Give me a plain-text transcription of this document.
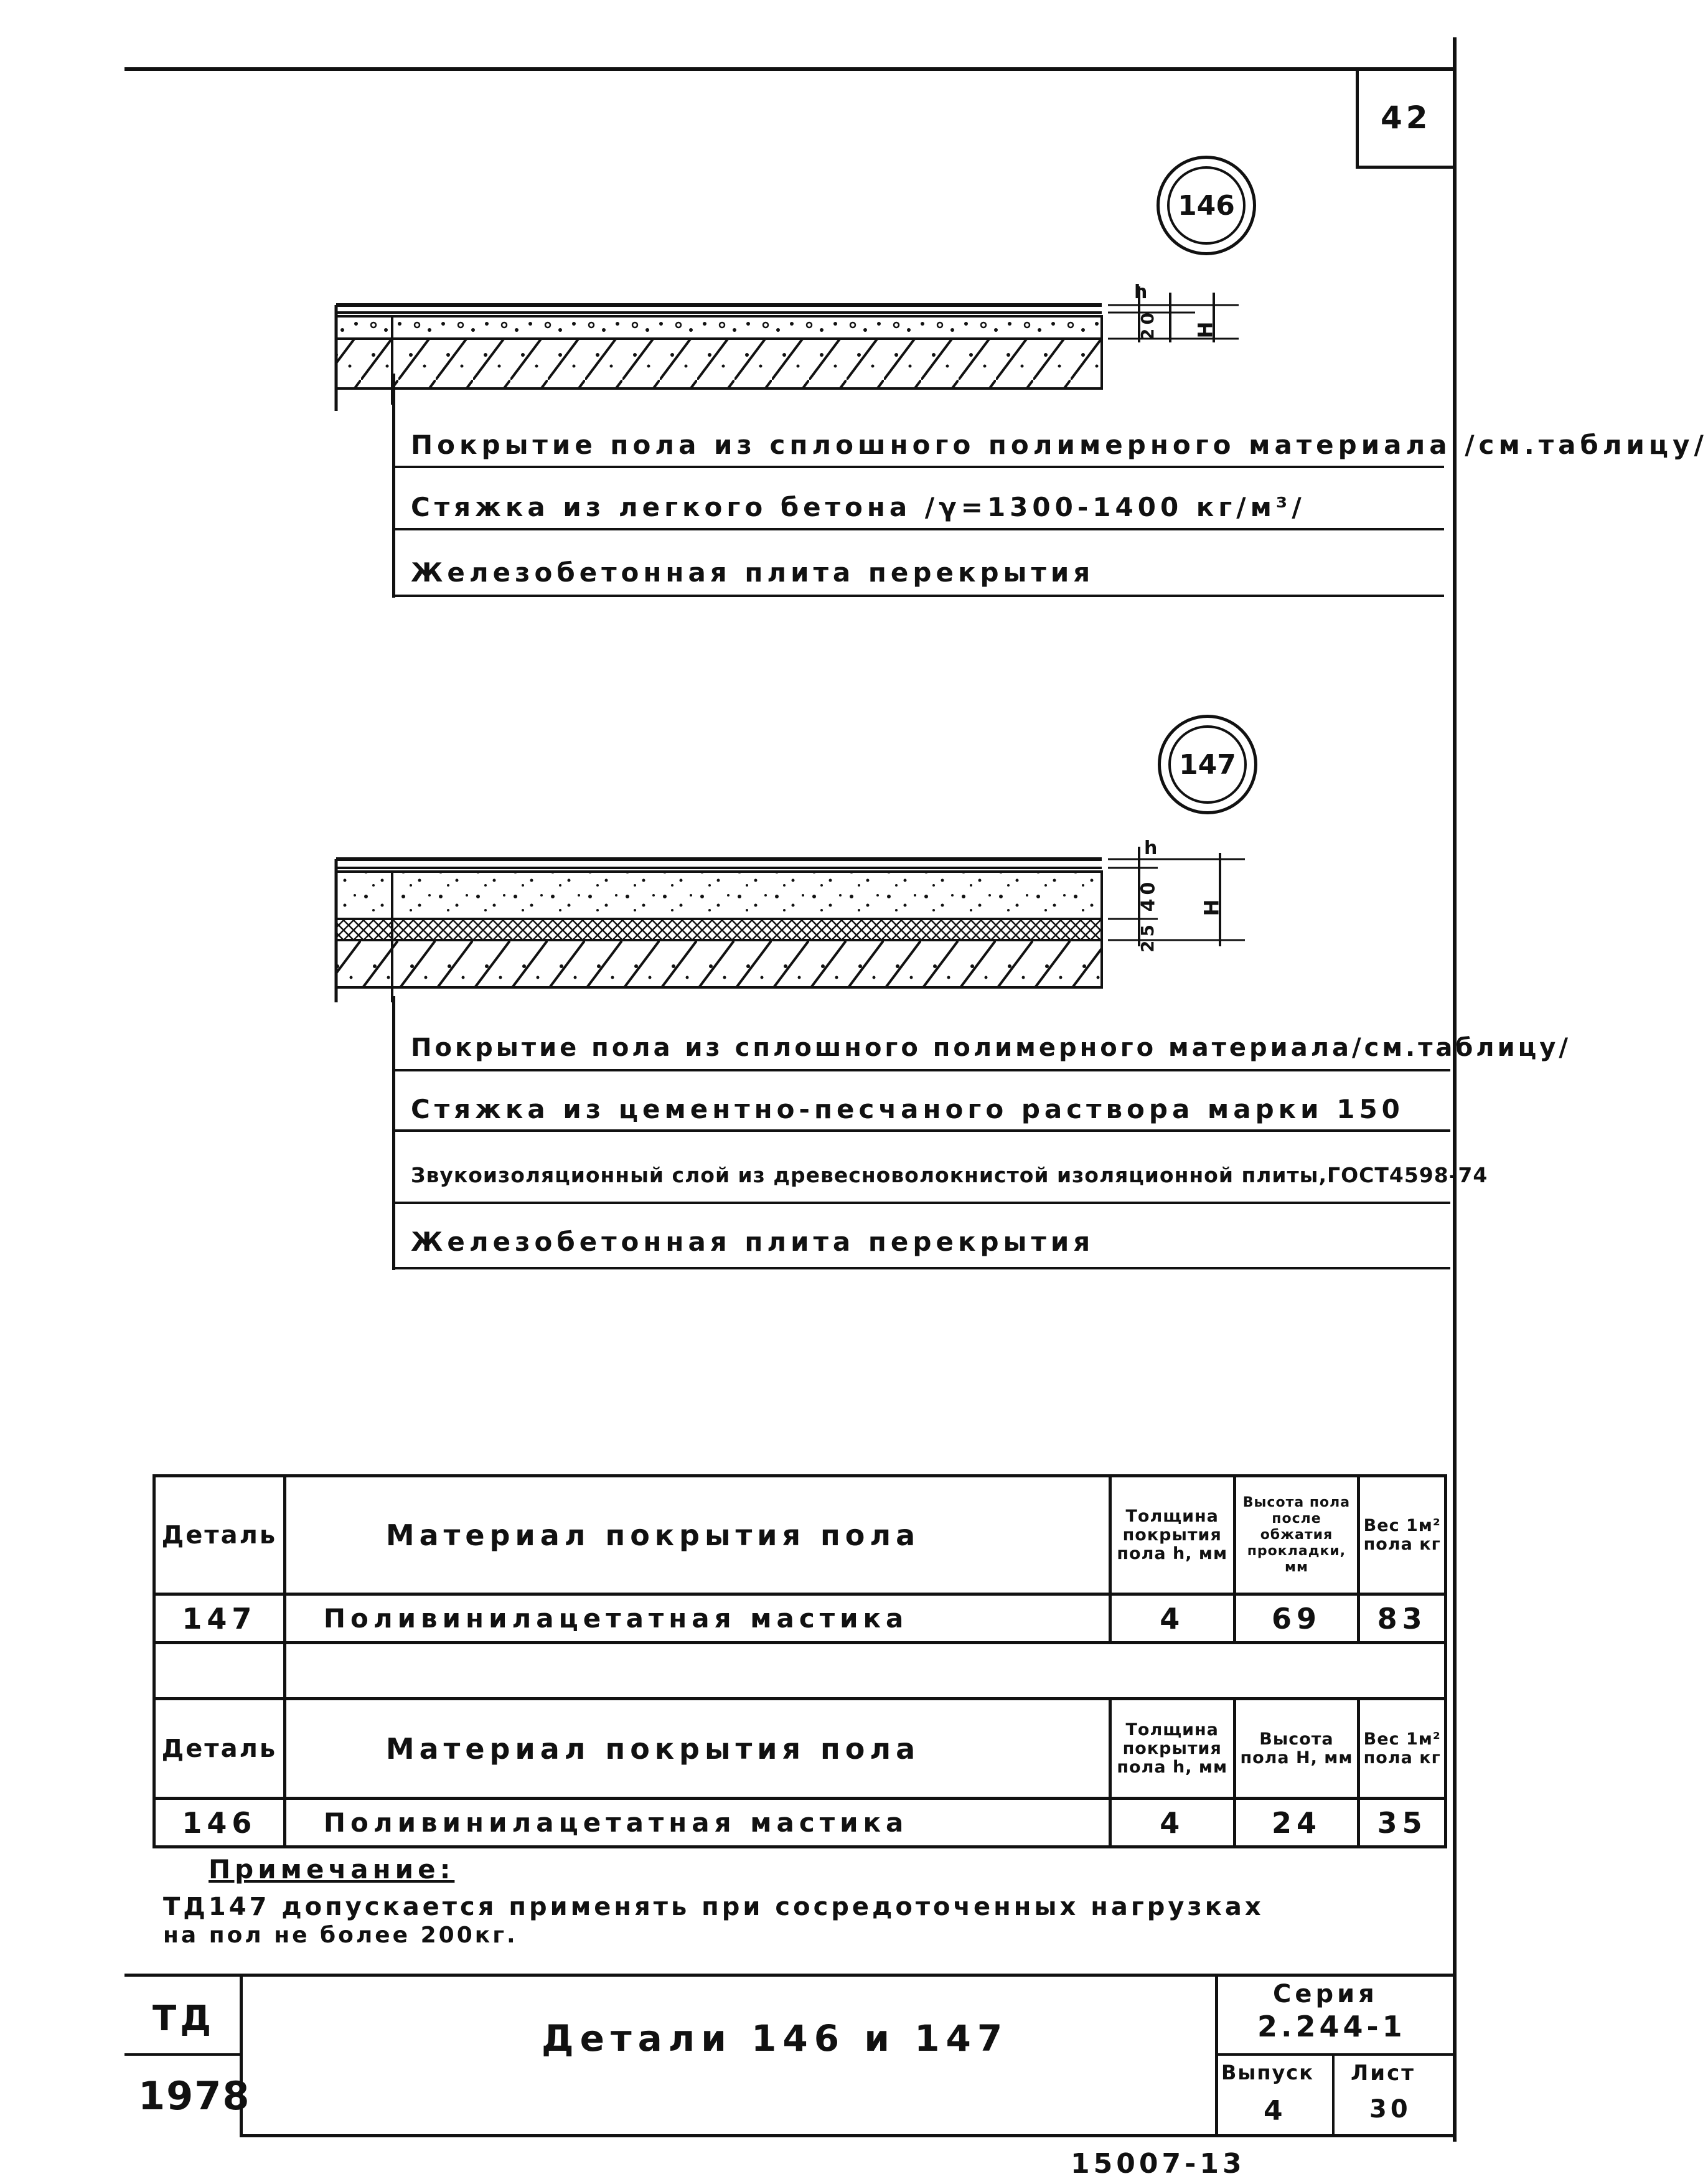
42
146
h
20 H
Покрытие пола из сплошного полимерного материала /см.таблицу/
Стяжка из легкого бетона /γ=1300-1400 кг/м³/
Железобетонная плита перекрытия
147
h
40
25
H
Покрытие пола из сплошного полимерного материала/см.таблицу/
Стяжка из цементно-песчаного раствора марки 150
Звукоизоляционный слой из древесноволокнистой изоляционной плиты,ГОСТ4598-74
Железобетонная плита перекрытия
Деталь	Материал покрытия пола	Толщина покрытия пола h, мм	Высота пола после обжатия прокладки, мм	Вес 1м² пола кг
147	Поливинилацетатная мастика	4	69	83

Деталь	Материал покрытия пола	Толщина покрытия пола h, мм	Высота пола H, мм	Вес 1м² пола кг
146	Поливинилацетатная мастика	4	24	35
Примечание:
ТД147 допускается применять при сосредоточенных нагрузках
на пол не более 200кг.
ТД
1978
Детали 146 и 147
Серия
2.244-1
Выпуск
4
Лист
30
15007-13
